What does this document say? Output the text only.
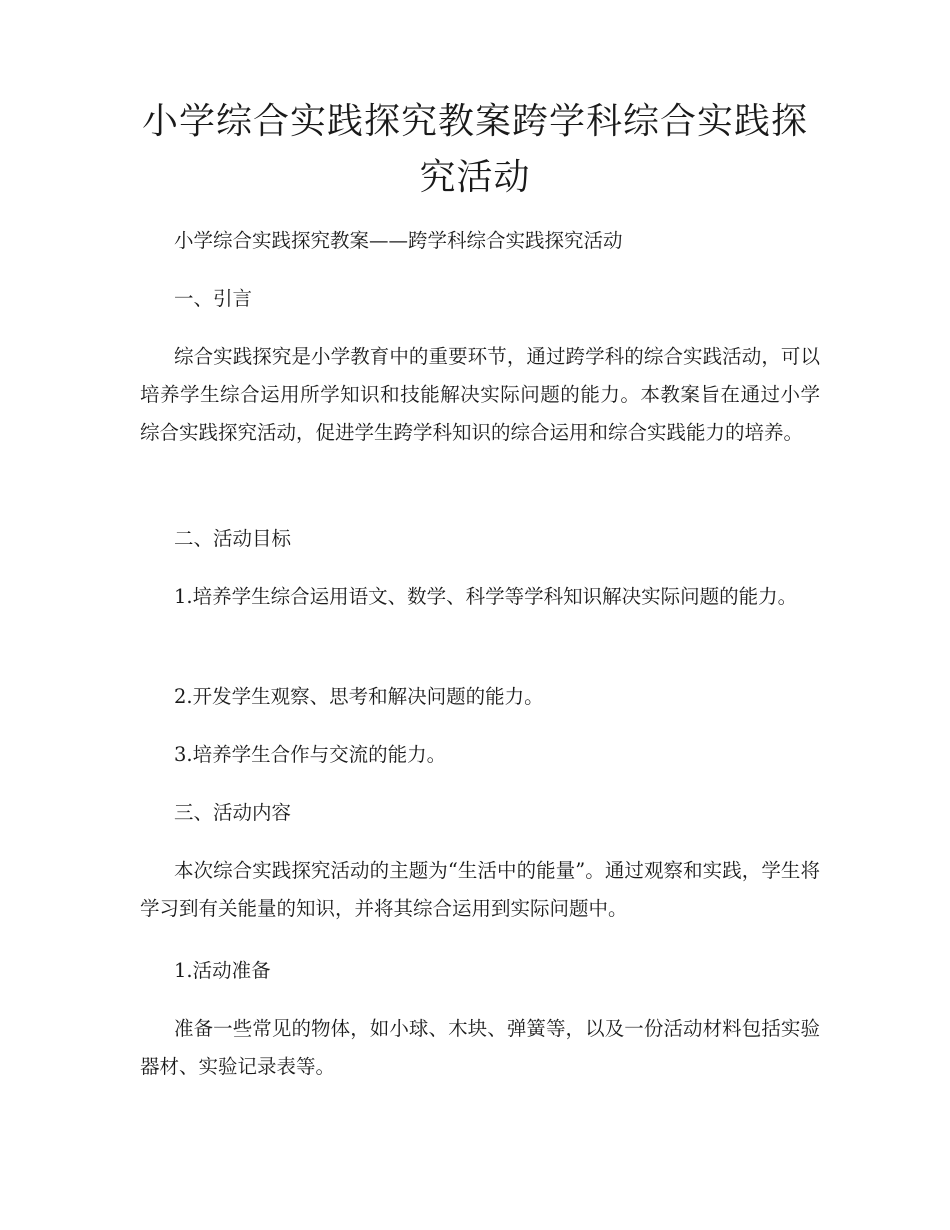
小学综合实践探究教案跨学科综合实践探究活动

小学综合实践探究教案——跨学科综合实践探究活动

一、引言

综合实践探究是小学教育中的重要环节，通过跨学科的综合实践活动，可以培养学生综合运用所学知识和技能解决实际问题的能力。本教案旨在通过小学综合实践探究活动，促进学生跨学科知识的综合运用和综合实践能力的培养。

二、活动目标

1.培养学生综合运用语文、数学、科学等学科知识解决实际问题的能力。

2.开发学生观察、思考和解决问题的能力。

3.培养学生合作与交流的能力。

三、活动内容

本次综合实践探究活动的主题为“生活中的能量”。通过观察和实践，学生将学习到有关能量的知识，并将其综合运用到实际问题中。

1.活动准备

准备一些常见的物体，如小球、木块、弹簧等，以及一份活动材料包括实验器材、实验记录表等。
